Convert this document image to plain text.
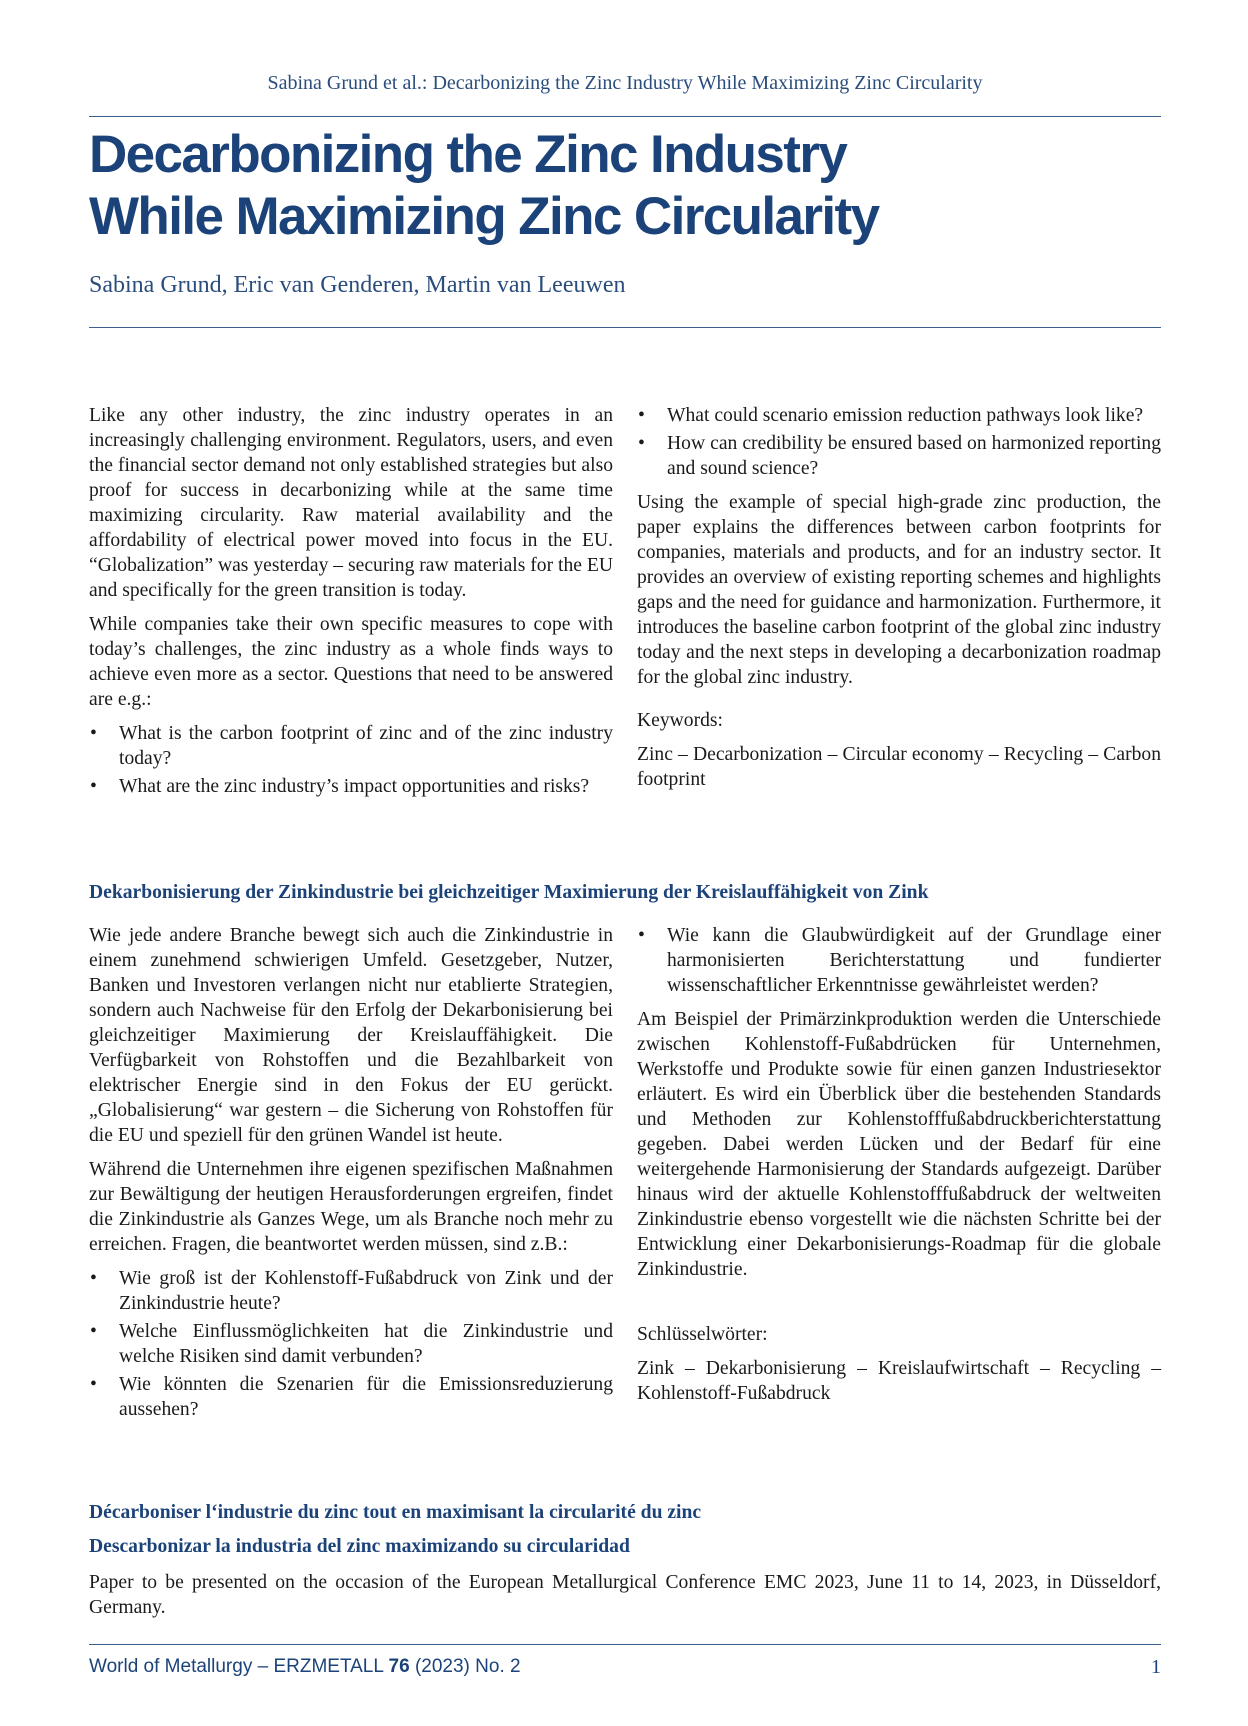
Sabina Grund et al.: Decarbonizing the Zinc Industry While Maximizing Zinc Circularity
Decarbonizing the Zinc Industry
While Maximizing Zinc Circularity
Sabina Grund, Eric van Genderen, Martin van Leeuwen

Like any other industry, the zinc industry operates in an increasingly challenging environment. Regulators, users, and even the financial sector demand not only established strategies but also proof for success in decarbonizing while at the same time maximizing circularity. Raw material availability and the affordability of electrical power moved into focus in the EU. “Globalization” was yesterday – securing raw materials for the EU and specifically for the green transition is today.

While companies take their own specific measures to cope with today’s challenges, the zinc industry as a whole finds ways to achieve even more as a sector. Questions that need to be answered are e.g.:

• What is the carbon footprint of zinc and of the zinc industry today?
• What are the zinc industry’s impact opportunities and risks?
• What could scenario emission reduction pathways look like?
• How can credibility be ensured based on harmonized reporting and sound science?

Using the example of special high-grade zinc production, the paper explains the differences between carbon footprints for companies, materials and products, and for an industry sector. It provides an overview of existing reporting schemes and highlights gaps and the need for guidance and harmonization. Furthermore, it introduces the baseline carbon footprint of the global zinc industry today and the next steps in developing a decarbonization roadmap for the global zinc industry.

Keywords:

Zinc – Decarbonization – Circular economy – Recycling – Carbon footprint

Dekarbonisierung der Zinkindustrie bei gleichzeitiger Maximierung der Kreislauffähigkeit von Zink

Wie jede andere Branche bewegt sich auch die Zinkindustrie in einem zunehmend schwierigen Umfeld. Gesetzgeber, Nutzer, Banken und Investoren verlangen nicht nur etablierte Strategien, sondern auch Nachweise für den Erfolg der Dekarbonisierung bei gleichzeitiger Maximierung der Kreislauffähigkeit. Die Verfügbarkeit von Rohstoffen und die Bezahlbarkeit von elektrischer Energie sind in den Fokus der EU gerückt. „Globalisierung“ war gestern – die Sicherung von Rohstoffen für die EU und speziell für den grünen Wandel ist heute.

Während die Unternehmen ihre eigenen spezifischen Maßnahmen zur Bewältigung der heutigen Herausforderungen ergreifen, findet die Zinkindustrie als Ganzes Wege, um als Branche noch mehr zu erreichen. Fragen, die beantwortet werden müssen, sind z.B.:

• Wie groß ist der Kohlenstoff-Fußabdruck von Zink und der Zinkindustrie heute?
• Welche Einflussmöglichkeiten hat die Zinkindustrie und welche Risiken sind damit verbunden?
• Wie könnten die Szenarien für die Emissionsreduzierung aussehen?
• Wie kann die Glaubwürdigkeit auf der Grundlage einer harmonisierten Berichterstattung und fundierter wissenschaftlicher Erkenntnisse gewährleistet werden?

Am Beispiel der Primärzinkproduktion werden die Unterschiede zwischen Kohlenstoff-Fußabdrücken für Unternehmen, Werkstoffe und Produkte sowie für einen ganzen Industriesektor erläutert. Es wird ein Überblick über die bestehenden Standards und Methoden zur Kohlenstofffußabdruckberichterstattung gegeben. Dabei werden Lücken und der Bedarf für eine weitergehende Harmonisierung der Standards aufgezeigt. Darüber hinaus wird der aktuelle Kohlenstofffußabdruck der weltweiten Zinkindustrie ebenso vorgestellt wie die nächsten Schritte bei der Entwicklung einer Dekarbonisierungs-Roadmap für die globale Zinkindustrie.

Schlüsselwörter:

Zink – Dekarbonisierung – Kreislaufwirtschaft – Recycling – Kohlenstoff-Fußabdruck

Décarboniser l‘industrie du zinc tout en maximisant la circularité du zinc
Descarbonizar la industria del zinc maximizando su circularidad
Paper to be presented on the occasion of the European Metallurgical Conference EMC 2023, June 11 to 14, 2023, in Düsseldorf, Germany.
World of Metallurgy – ERZMETALL 76 (2023) No. 2	1
